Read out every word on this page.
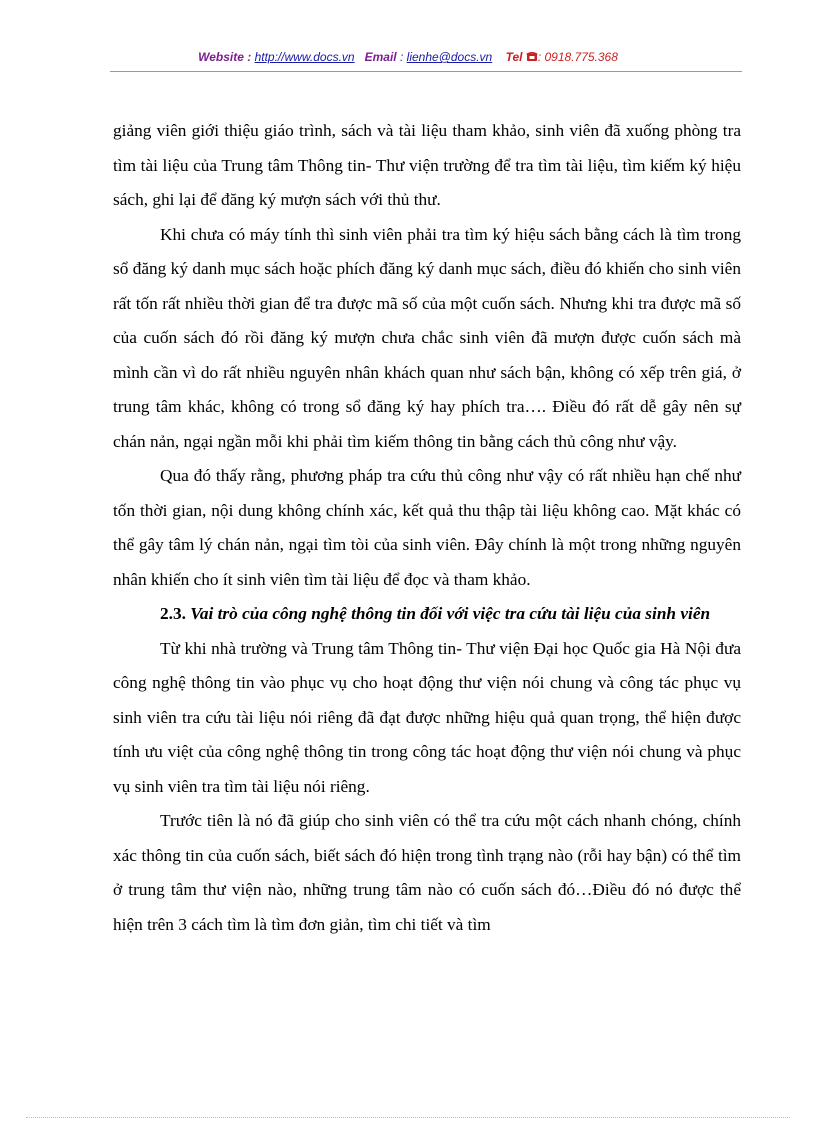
Website : http://www.docs.vn Email : lienhe@docs.vn Tel : 0918.775.368

giảng viên giới thiệu giáo trình, sách và tài liệu tham khảo, sinh viên đã xuống phòng tra tìm tài liệu của Trung tâm Thông tin- Thư viện trường để tra tìm tài liệu, tìm kiếm ký hiệu sách, ghi lại để đăng ký mượn sách với thủ thư.

Khi chưa có máy tính thì sinh viên phải tra tìm ký hiệu sách bằng cách là tìm trong sổ đăng ký danh mục sách hoặc phích đăng ký danh mục sách, điều đó khiến cho sinh viên rất tốn rất nhiều thời gian để tra được mã số của một cuốn sách. Nhưng khi tra được mã số của cuốn sách đó rồi đăng ký mượn chưa chắc sinh viên đã mượn được cuốn sách mà mình cần vì do rất nhiều nguyên nhân khách quan như sách bận, không có xếp trên giá, ở trung tâm khác, không có trong sổ đăng ký hay phích tra…. Điều đó rất dễ gây nên sự chán nản, ngại ngần mỗi khi phải tìm kiếm thông tin bằng cách thủ công như vậy.

Qua đó thấy rằng, phương pháp tra cứu thủ công như vậy có rất nhiều hạn chế như tốn thời gian, nội dung không chính xác, kết quả thu thập tài liệu không cao. Mặt khác có thể gây tâm lý chán nản, ngại tìm tòi của sinh viên. Đây chính là một trong những nguyên nhân khiến cho ít sinh viên tìm tài liệu để đọc và tham khảo.

2.3. Vai trò của công nghệ thông tin đối với việc tra cứu tài liệu của sinh viên

Từ khi nhà trường và Trung tâm Thông tin- Thư viện Đại học Quốc gia Hà Nội đưa công nghệ thông tin vào phục vụ cho hoạt động thư viện nói chung và công tác phục vụ sinh viên tra cứu tài liệu nói riêng đã đạt được những hiệu quả quan trọng, thể hiện được tính ưu việt của công nghệ thông tin trong công tác hoạt động thư viện nói chung và phục vụ sinh viên tra tìm tài liệu nói riêng.

Trước tiên là nó đã giúp cho sinh viên có thể tra cứu một cách nhanh chóng, chính xác thông tin của cuốn sách, biết sách đó hiện trong tình trạng nào (rỗi hay bận) có thể tìm ở trung tâm thư viện nào, những trung tâm nào có cuốn sách đó…Điều đó nó được thể hiện trên 3 cách tìm là tìm đơn giản, tìm chi tiết và tìm
